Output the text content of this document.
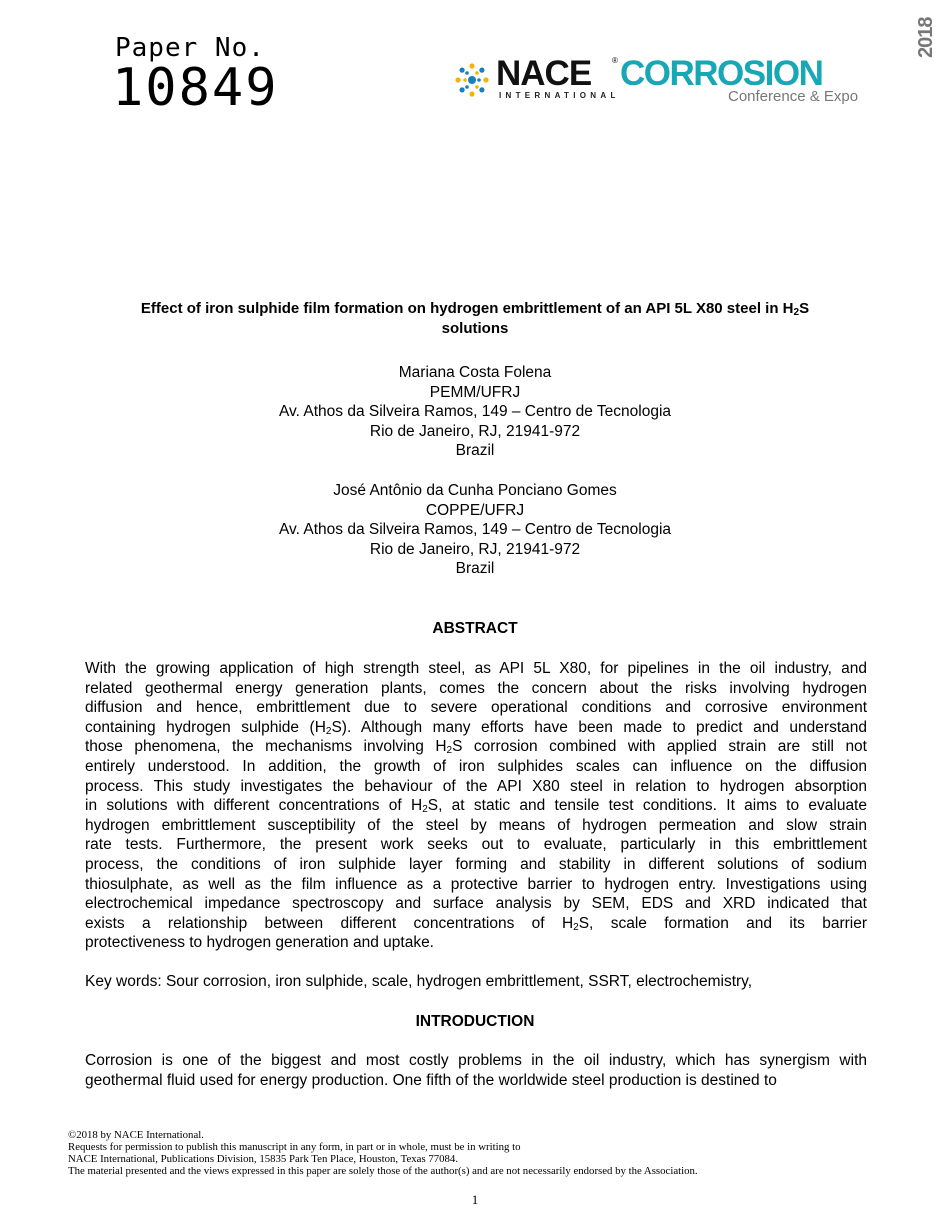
Paper No.
10849	NACE	®
INTERNATIONAL
CORROSION
Conference & Expo
2018
Effect of iron sulphide film formation on hydrogen embrittlement of an API 5L X80 steel in $H_2S$
solutions
Mariana Costa Folena
PEMM/UFRJ
Av. Athos da Silveira Ramos, 149 – Centro de Tecnologia
Rio de Janeiro, RJ, 21941-972
Brazil
José Antônio da Cunha Ponciano Gomes
COPPE/UFRJ
Av. Athos da Silveira Ramos, 149 – Centro de Tecnologia
Rio de Janeiro, RJ, 21941-972
Brazil
ABSTRACT
With the growing application of high strength steel, as API 5L X80, for pipelines in the oil industry, and
related geothermal energy generation plants, comes the concern about the risks involving hydrogen
diffusion and hence, embrittlement due to severe operational conditions and corrosive environment
containing hydrogen sulphide $(H_2S)$. Although many efforts have been made to predict and understand
those phenomena, the mechanisms involving $H_2S$ corrosion combined with applied strain are still not
entirely understood. In addition, the growth of iron sulphides scales can influence on the diffusion
process. This study investigates the behaviour of the API X80 steel in relation to hydrogen absorption
in solutions with different concentrations of $H_2S$, at static and tensile test conditions. It aims to evaluate
hydrogen embrittlement susceptibility of the steel by means of hydrogen permeation and slow strain
rate tests. Furthermore, the present work seeks out to evaluate, particularly in this embrittlement
process, the conditions of iron sulphide layer forming and stability in different solutions of sodium
thiosulphate, as well as the film influence as a protective barrier to hydrogen entry. Investigations using
electrochemical impedance spectroscopy and surface analysis by SEM, EDS and XRD indicated that
exists a relationship between different concentrations of $H_2S$, scale formation and its barrier
protectiveness to hydrogen generation and uptake.
Key words: Sour corrosion, iron sulphide, scale, hydrogen embrittlement, SSRT, electrochemistry,
INTRODUCTION
Corrosion is one of the biggest and most costly problems in the oil industry, which has synergism with
geothermal fluid used for energy production. One fifth of the worldwide steel production is destined to
©2018 by NACE International.
Requests for permission to publish this manuscript in any form, in part or in whole, must be in writing to
NACE International, Publications Division, 15835 Park Ten Place, Houston, Texas 77084.
The material presented and the views expressed in this paper are solely those of the author(s) and are not necessarily endorsed by the Association.
1
